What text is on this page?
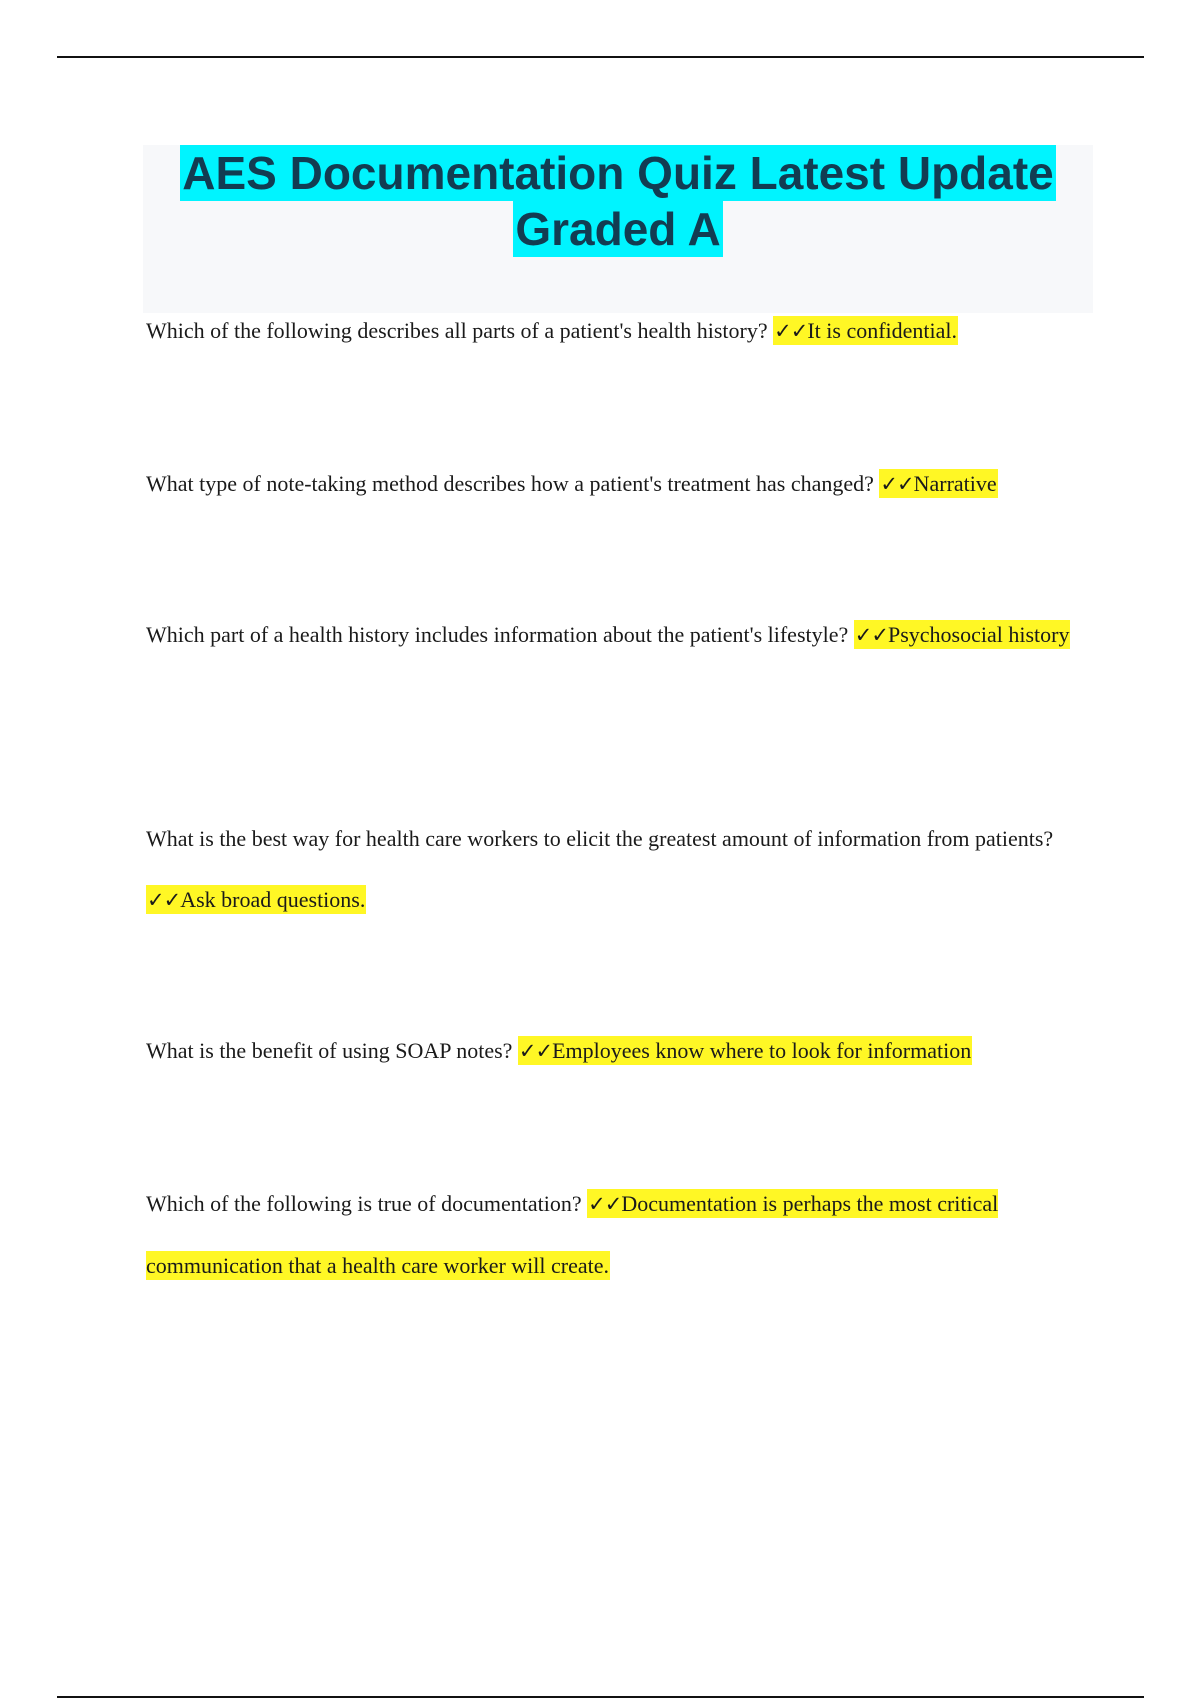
AES Documentation Quiz Latest Update
Graded A

Which of the following describes all parts of a patient's health history? ✓✓It is confidential.

What type of note-taking method describes how a patient's treatment has changed? ✓✓Narrative

Which part of a health history includes information about the patient's lifestyle? ✓✓Psychosocial history

What is the best way for health care workers to elicit the greatest amount of information from patients? ✓✓Ask broad questions.

What is the benefit of using SOAP notes? ✓✓Employees know where to look for information

Which of the following is true of documentation? ✓✓Documentation is perhaps the most critical communication that a health care worker will create.
